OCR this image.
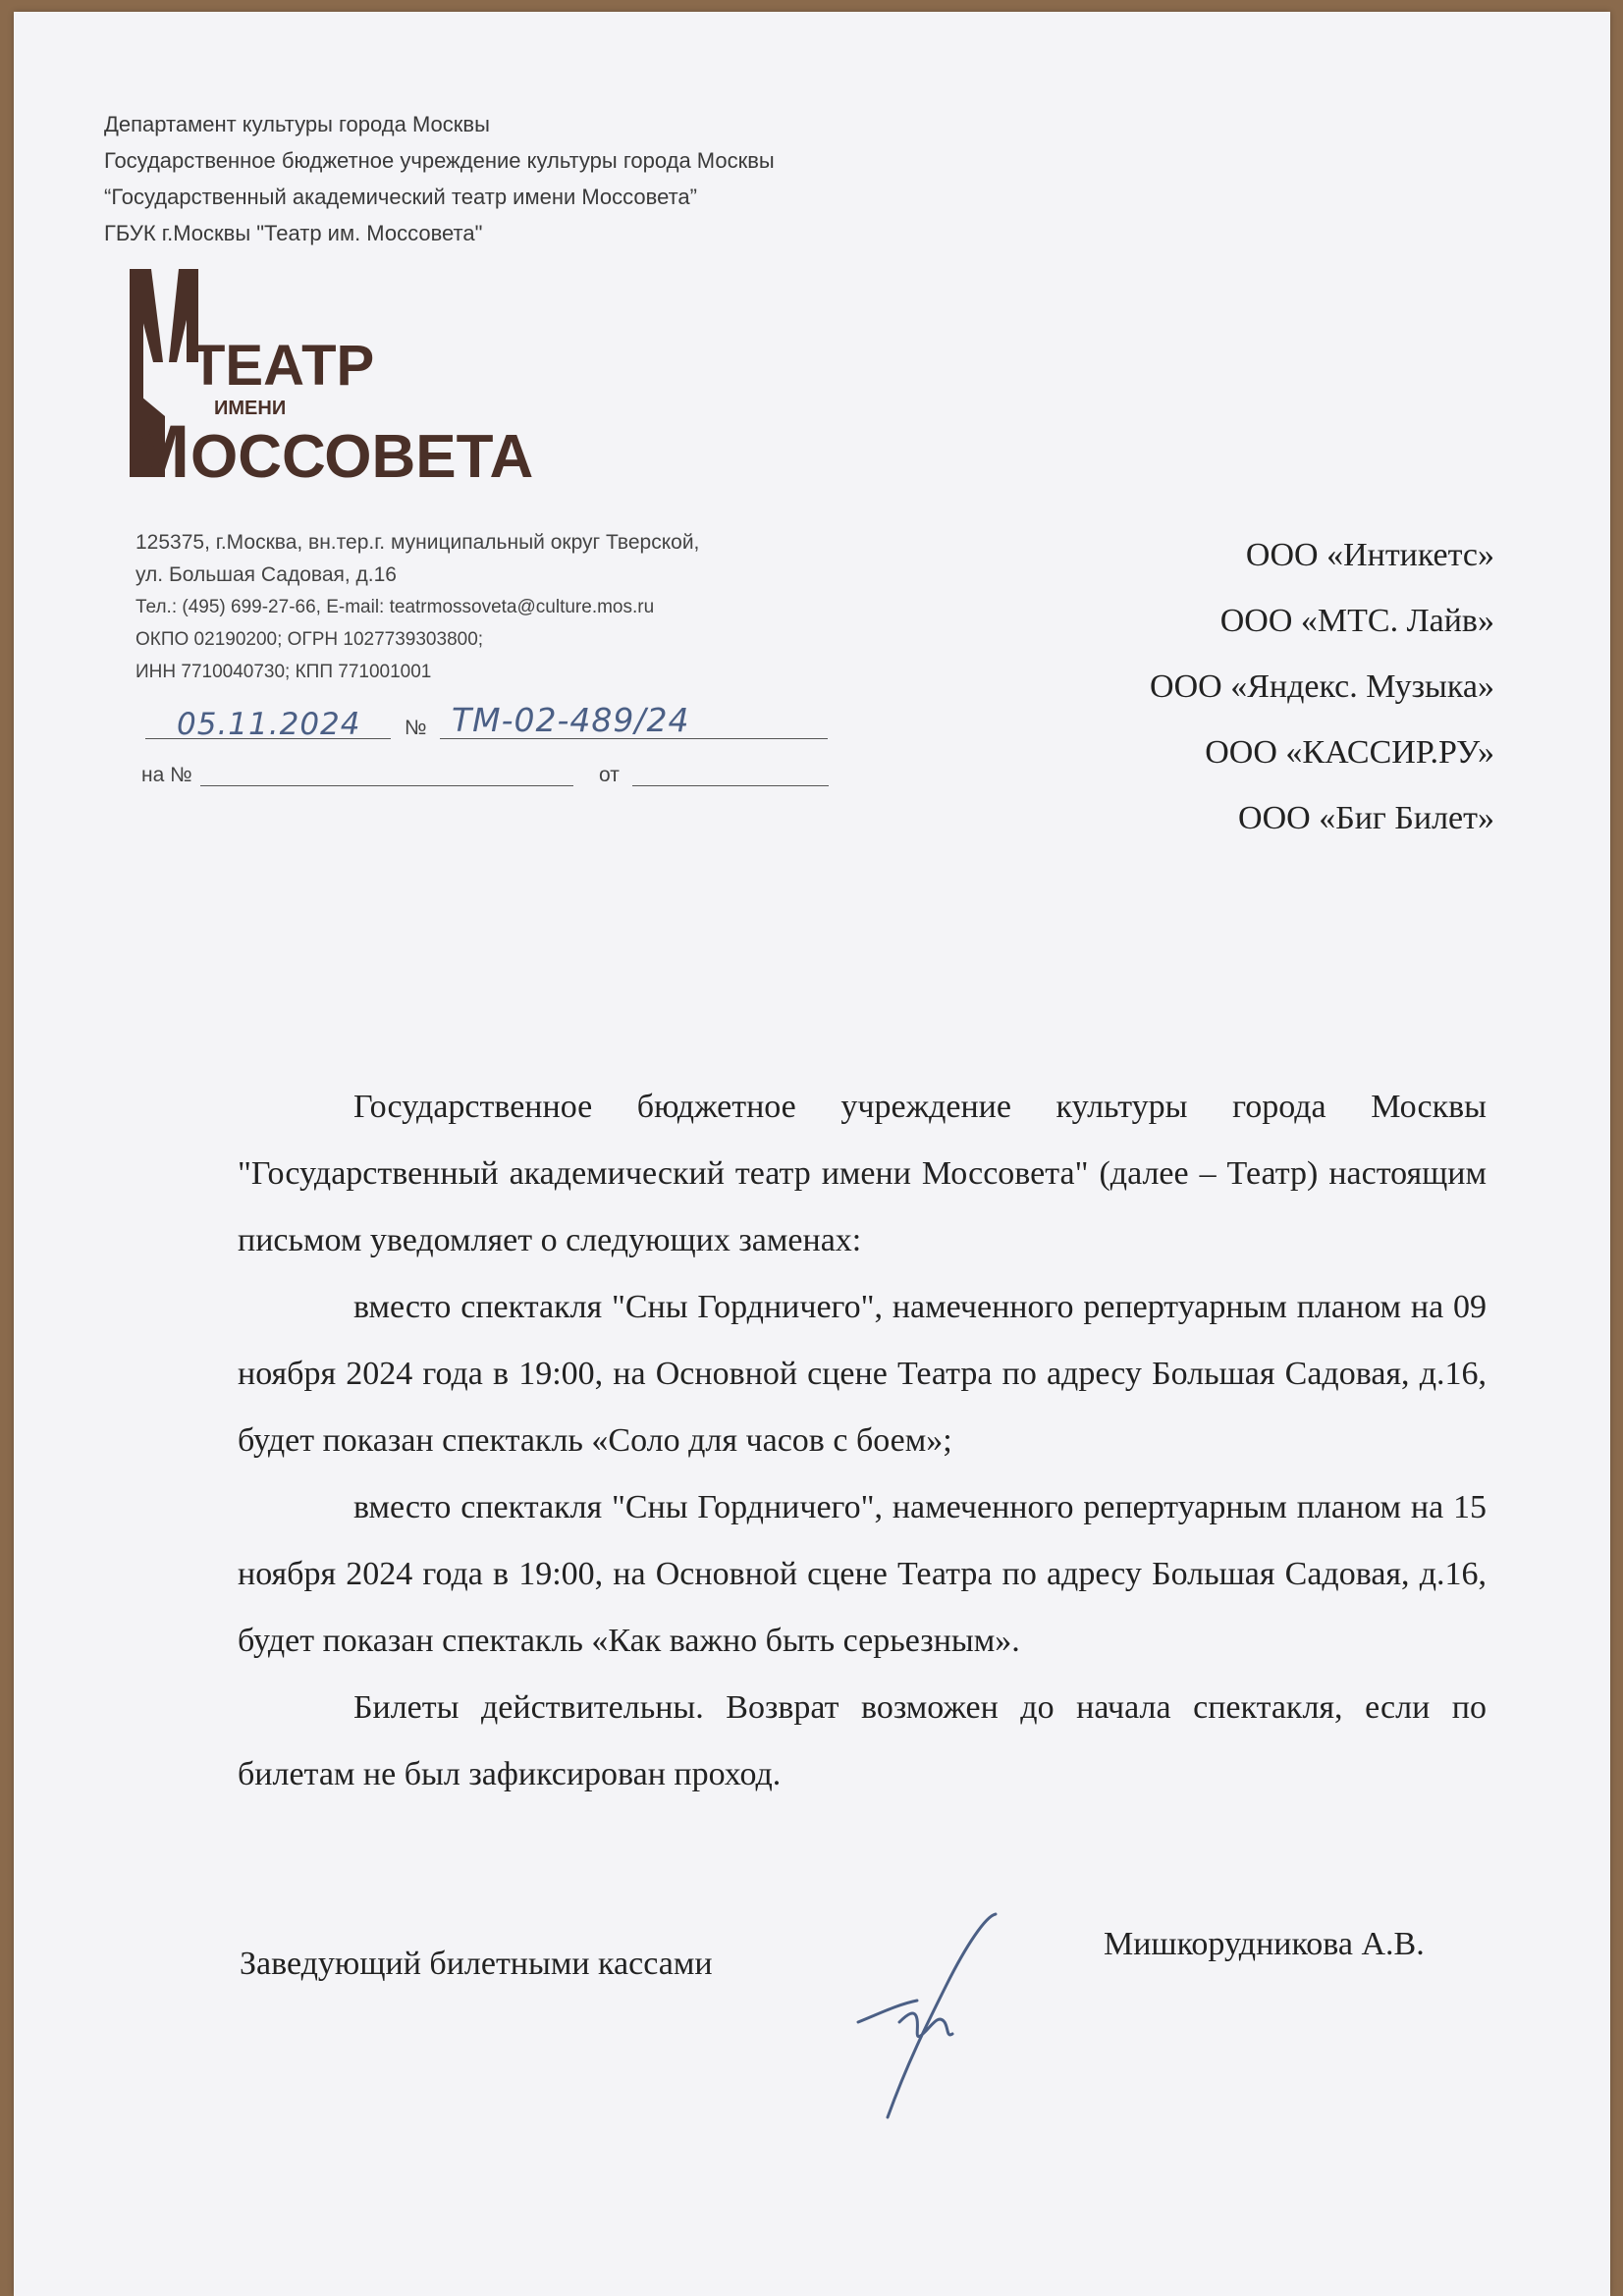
Департамент культуры города Москвы
Государственное бюджетное учреждение культуры города Москвы
“Государственный академический театр имени Моссовета”
ГБУК г.Москвы "Театр им. Моссовета"
ТЕАТР
ИМЕНИ
М ОССОВЕТА
125375, г.Москва, вн.тер.г. муниципальный округ Тверской,
ул. Большая Садовая, д.16
Тел.: (495) 699-27-66, E-mail: teatrmossoveta@culture.mos.ru
ОКПО 02190200; ОГРН 1027739303800;
ИНН 7710040730; КПП 771001001
05.11.2024 № ТМ-02-489/24
на №	от
ООО «Интикетс»
ООО «МТС. Лайв»
ООО «Яндекс. Музыка»
ООО «КАССИР.РУ»
ООО «Биг Билет»

Государственное бюджетное учреждение культуры города Москвы "Государственный академический театр имени Моссовета" (далее – Театр) настоящим письмом уведомляет о следующих заменах:

вместо спектакля "Сны Гордничего", намеченного репертуарным планом на 09 ноября 2024 года в 19:00, на Основной сцене Театра по адресу Большая Садовая, д.16, будет показан спектакль «Соло для часов с боем»;

вместо спектакля "Сны Гордничего", намеченного репертуарным планом на 15 ноября 2024 года в 19:00, на Основной сцене Театра по адресу Большая Садовая, д.16, будет показан спектакль «Как важно быть серьезным».

Билеты действительны. Возврат возможен до начала спектакля, если по билетам не был зафиксирован проход.

Заведующий билетными кассами
Мишкорудникова А.В.
